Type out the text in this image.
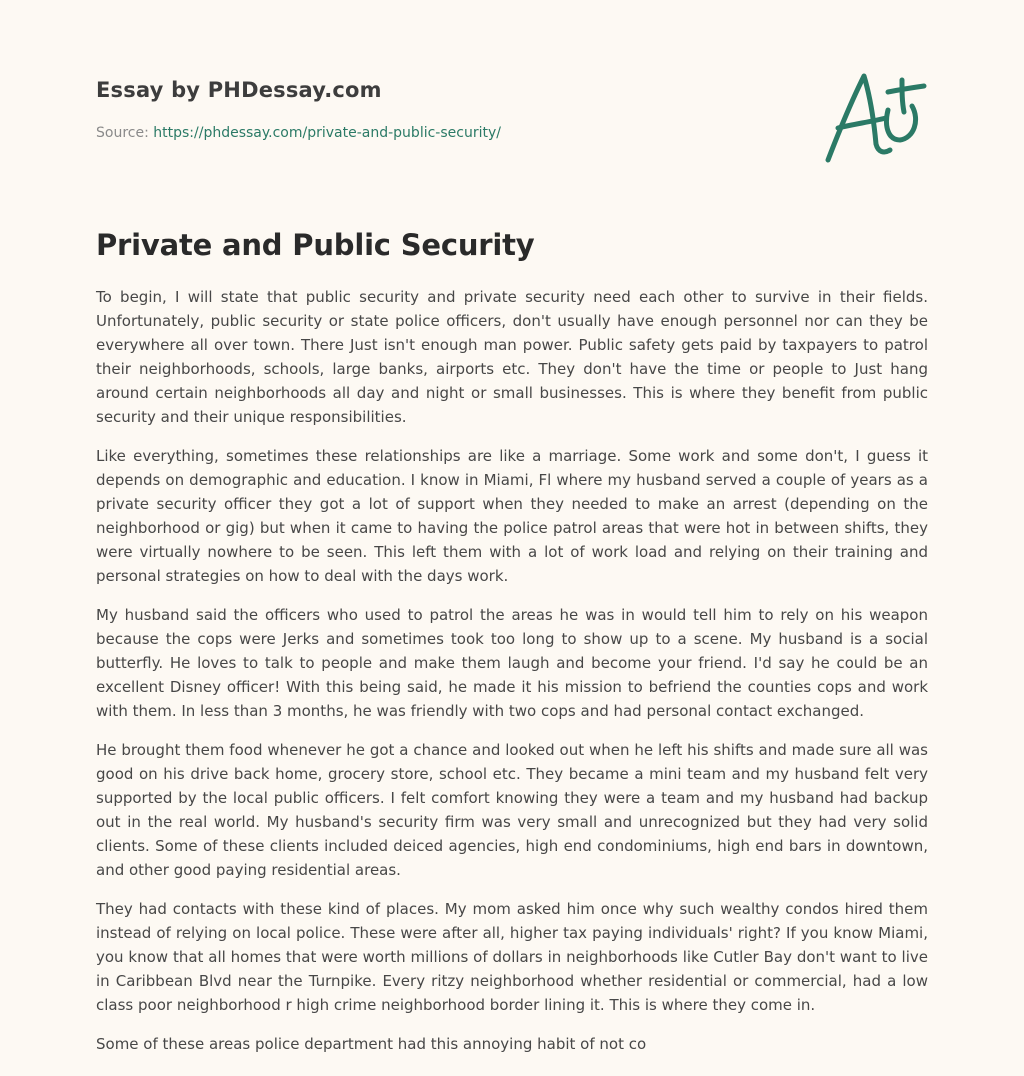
Essay by PHDessay.com

Source: https://phdessay.com/private-and-public-security/

Private and Public Security

To begin, I will state that public security and private security need each other to survive in their fields. Unfortunately, public security or state police officers, don't usually have enough personnel nor can they be everywhere all over town. There Just isn't enough man power. Public safety gets paid by taxpayers to patrol their neighborhoods, schools, large banks, airports etc. They don't have the time or people to Just hang around certain neighborhoods all day and night or small businesses. This is where they benefit from public security and their unique responsibilities.

Like everything, sometimes these relationships are like a marriage. Some work and some don't, I guess it depends on demographic and education. I know in Miami, Fl where my husband served a couple of years as a private security officer they got a lot of support when they needed to make an arrest (depending on the neighborhood or gig) but when it came to having the police patrol areas that were hot in between shifts, they were virtually nowhere to be seen. This left them with a lot of work load and relying on their training and personal strategies on how to deal with the days work.

My husband said the officers who used to patrol the areas he was in would tell him to rely on his weapon because the cops were Jerks and sometimes took too long to show up to a scene. My husband is a social butterfly. He loves to talk to people and make them laugh and become your friend. I'd say he could be an excellent Disney officer! With this being said, he made it his mission to befriend the counties cops and work with them. In less than 3 months, he was friendly with two cops and had personal contact exchanged.

He brought them food whenever he got a chance and looked out when he left his shifts and made sure all was good on his drive back home, grocery store, school etc. They became a mini team and my husband felt very supported by the local public officers. I felt comfort knowing they were a team and my husband had backup out in the real world. My husband's security firm was very small and unrecognized but they had very solid clients. Some of these clients included deiced agencies, high end condominiums, high end bars in downtown, and other good paying residential areas.

They had contacts with these kind of places. My mom asked him once why such wealthy condos hired them instead of relying on local police. These were after all, higher tax paying individuals' right? If you know Miami, you know that all homes that were worth millions of dollars in neighborhoods like Cutler Bay don't want to live in Caribbean Blvd near the Turnpike. Every ritzy neighborhood whether residential or commercial, had a low class poor neighborhood r high crime neighborhood border lining it. This is where they come in.

Some of these areas police department had this annoying habit of not co
